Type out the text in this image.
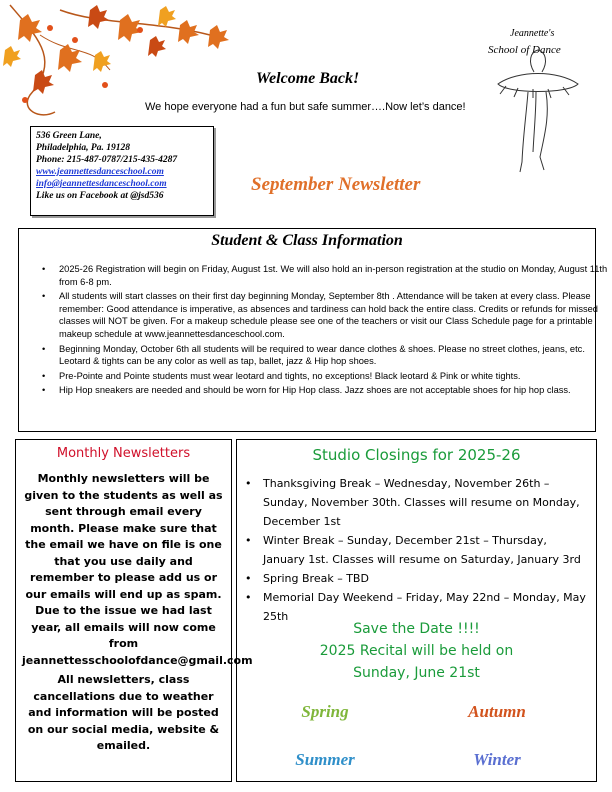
Welcome Back!
We hope everyone had a fun but safe summer….Now let’s dance!
Jeannette's
School of Dance
536 Green Lane,
Philadelphia, Pa. 19128
Phone: 215-487-0787/215-435-4287
www.jeannettesdanceschool.com
info@jeannettesdanceschool.com
Like us on Facebook at @jsd536
September Newsletter
Student & Class Information
• 2025-26 Registration will begin on Friday, August 1st. We will also hold an in-person registration at the studio on Monday, August 11th from 6-8 pm.
• All students will start classes on their first day beginning Monday, September 8th . Attendance will be taken at every class. Please remember: Good attendance is imperative, as absences and tardiness can hold back the entire class. Credits or refunds for missed classes will NOT be given. For a makeup schedule please see one of the teachers or visit our Class Schedule page for a printable makeup schedule at www.jeannettesdanceschool.com.
• Beginning Monday, October 6th all students will be required to wear dance clothes & shoes. Please no street clothes, jeans, etc. Leotard & tights can be any color as well as tap, ballet, jazz & Hip hop shoes.
• Pre-Pointe and Pointe students must wear leotard and tights, no exceptions! Black leotard & Pink or white tights.
• Hip Hop sneakers are needed and should be worn for Hip Hop class. Jazz shoes are not acceptable shoes for hip hop class.
Monthly Newsletters
Monthly newsletters will be given to the students as well as sent through email every month. Please make sure that the email we have on file is one that you use daily and remember to please add us or our emails will end up as spam. Due to the issue we had last year, all emails will now come from jeannettesschoolofdance@gmail.com
All newsletters, class cancellations due to weather and information will be posted on our social media, website & emailed.
Studio Closings for 2025-26
• Thanksgiving Break – Wednesday, November 26th – Sunday, November 30th. Classes will resume on Monday, December 1st
• Winter Break – Sunday, December 21st – Thursday, January 1st. Classes will resume on Saturday, January 3rd
• Spring Break – TBD
• Memorial Day Weekend – Friday, May 22nd – Monday, May 25th
Save the Date !!!!
2025 Recital will be held on
Sunday, June 21st
Spring	Autumn
Summer	Winter
